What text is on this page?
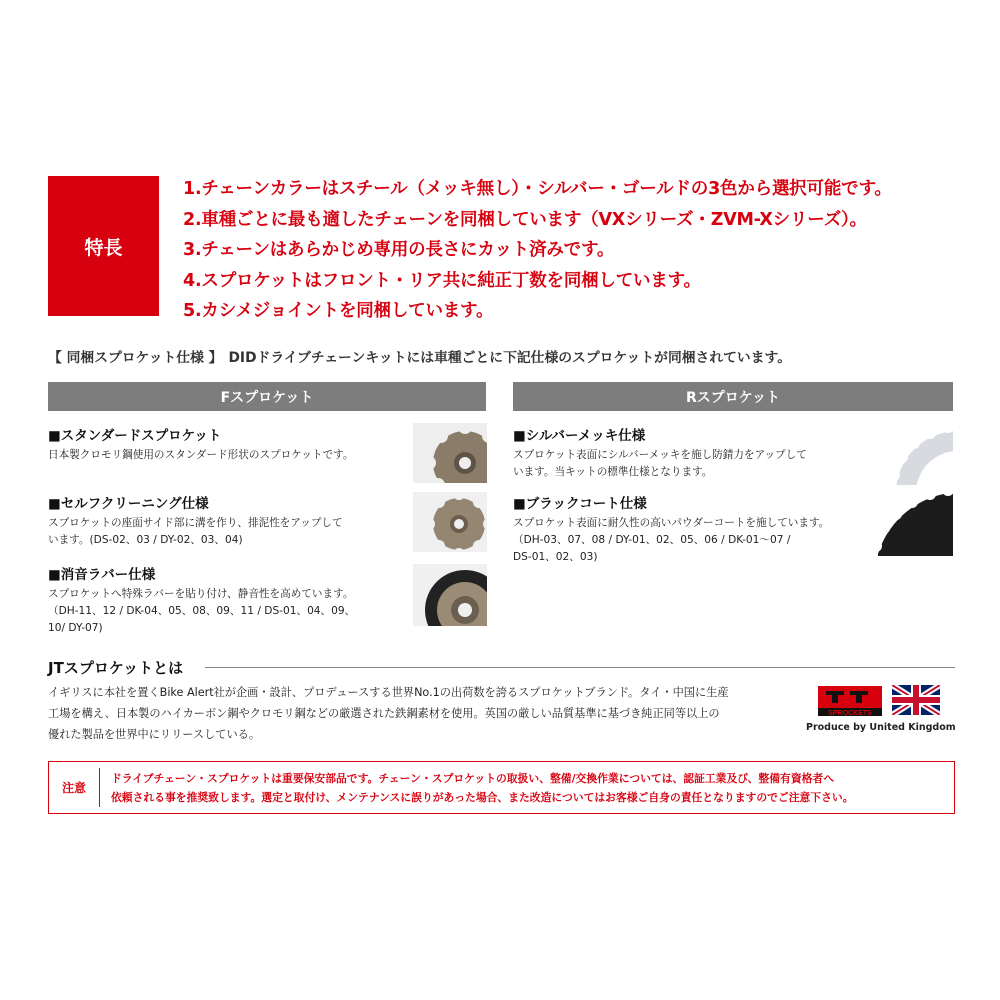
特長
1.チェーンカラーはスチール（メッキ無し）・シルバー・ゴールドの3色から選択可能です。
2.車種ごとに最も適したチェーンを同梱しています（VXシリーズ・ZVM-Xシリーズ）。
3.チェーンはあらかじめ専用の長さにカット済みです。
4.スプロケットはフロント・リア共に純正丁数を同梱しています。
5.カシメジョイントを同梱しています。
【 同梱スプロケット仕様 】 DIDドライブチェーンキットには車種ごとに下記仕様のスプロケットが同梱されています。
Fスプロケット	Rスプロケット
■スタンダードスプロケット
日本製クロモリ鋼使用のスタンダード形状のスプロケットです。
■セルフクリーニング仕様
スプロケットの座面サイド部に溝を作り、排泥性をアップして
います。(DS-02、03 / DY-02、03、04)
■消音ラバー仕様
スプロケットへ特殊ラバーを貼り付け、静音性を高めています。
（DH-11、12 / DK-04、05、08、09、11 / DS-01、04、09、
10/ DY-07)
■シルバーメッキ仕様
スプロケット表面にシルバーメッキを施し防錆力をアップして
います。当キットの標準仕様となります。
■ブラックコート仕様
スプロケット表面に耐久性の高いパウダーコートを施しています。
（DH-03、07、08 / DY-01、02、05、06 / DK-01〜07 /
DS-01、02、03)
JTスプロケットとは
イギリスに本社を置くBike Alert社が企画・設計、プロデュースする世界No.1の出荷数を誇るスプロケットブランド。タイ・中国に生産
工場を構え、日本製のハイカーボン鋼やクロモリ鋼などの厳選された鉄鋼素材を使用。英国の厳しい品質基準に基づき純正同等以上の
優れた製品を世界中にリリースしている。
SPROCKETS
Produce by United Kingdom
注意
ドライブチェーン・スプロケットは重要保安部品です。チェーン・スプロケットの取扱い、整備/交換作業については、認証工業及び、整備有資格者へ
依頼される事を推奨致します。選定と取付け、メンテナンスに誤りがあった場合、また改造についてはお客様ご自身の責任となりますのでご注意下さい。
